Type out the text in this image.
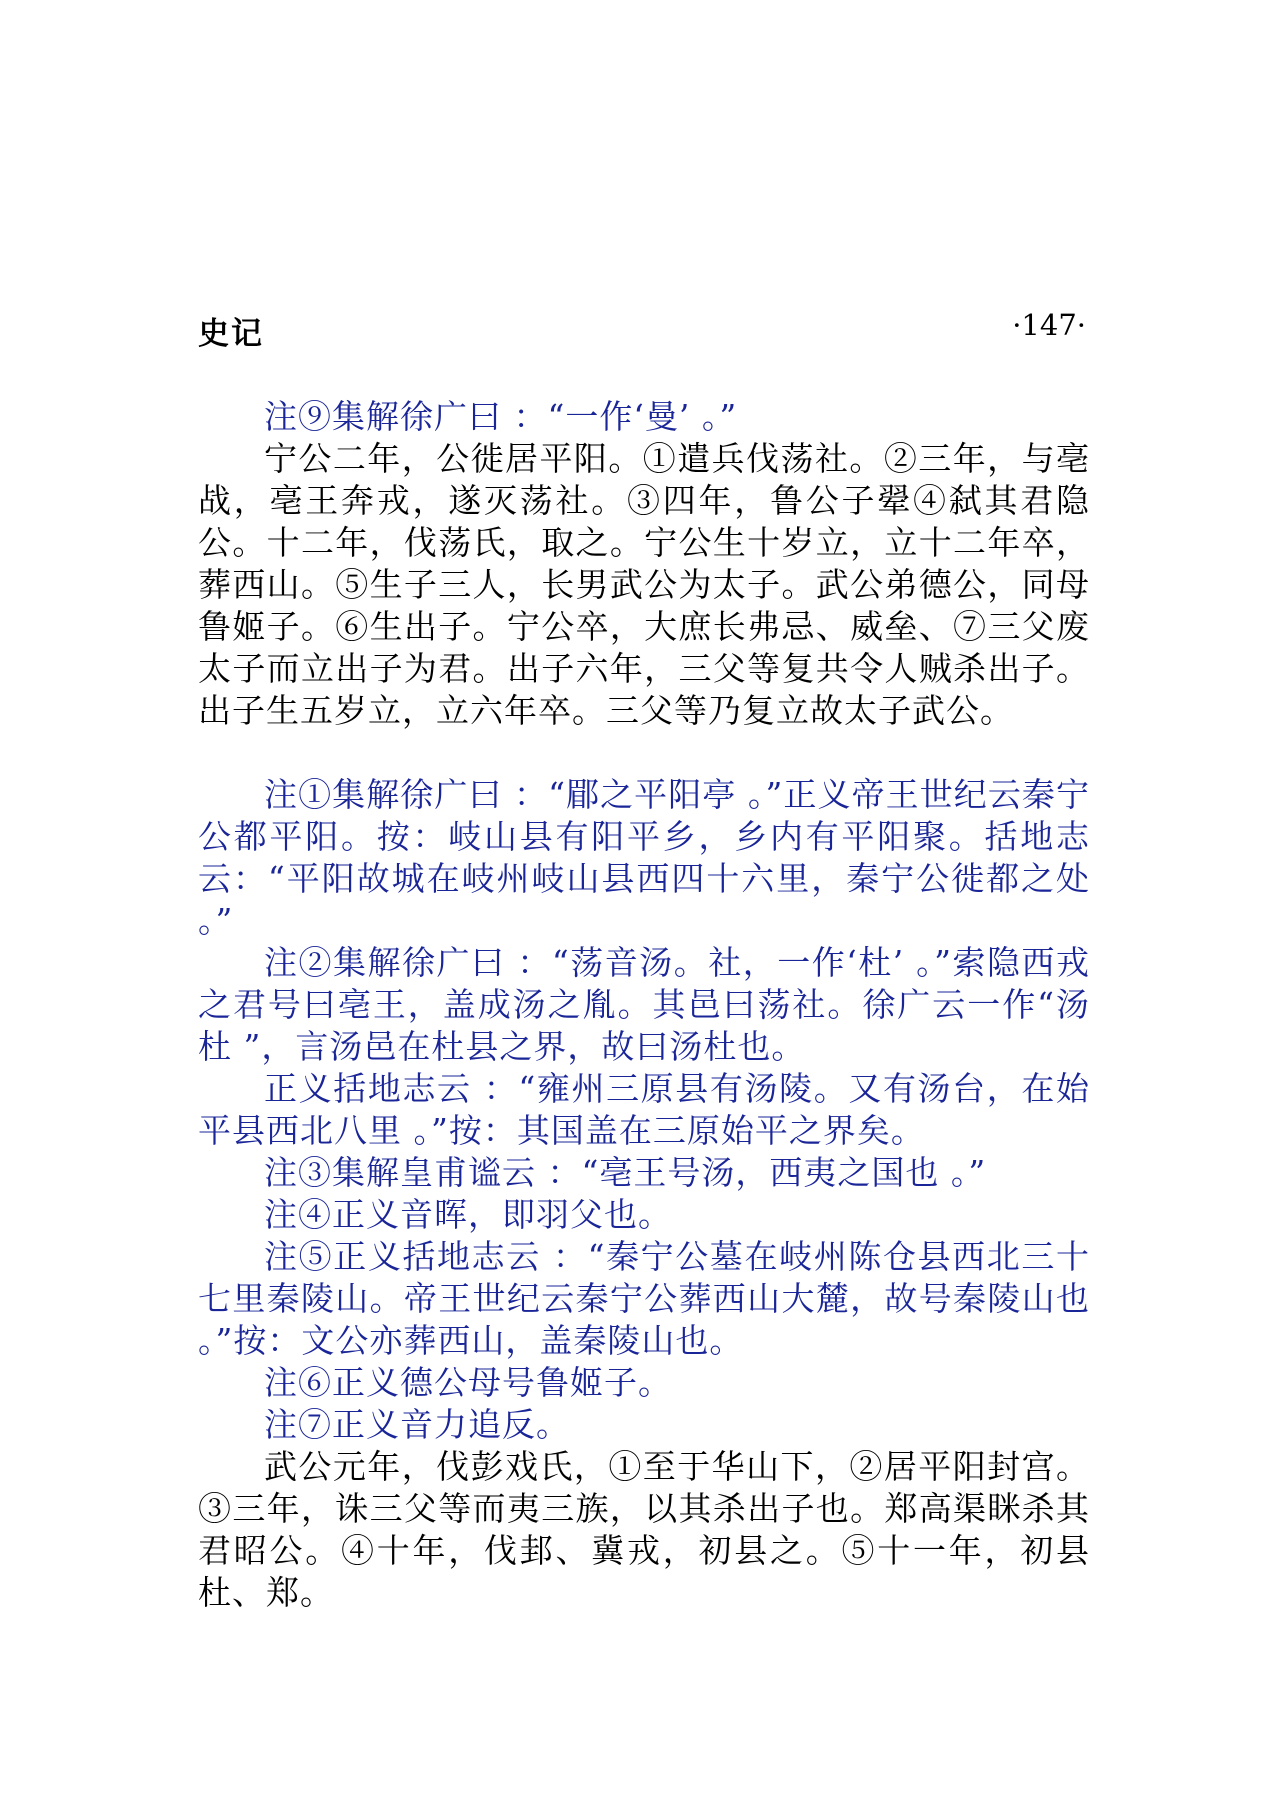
史记	·147·

注⑨集解徐广曰 ：“一作‘曼’ 。”

宁公二年，公徙居平阳。①遣兵伐荡社。②三年，与亳战，亳王奔戎，遂灭荡社。③四年，鲁公子翚④弑其君隐公。十二年，伐荡氏，取之。宁公生十岁立，立十二年卒，葬西山。⑤生子三人，长男武公为太子。武公弟德公，同母鲁姬子。⑥生出子。宁公卒，大庶长弗忌、威垒、⑦三父废太子而立出子为君。出子六年，三父等复共令人贼杀出子。出子生五岁立，立六年卒。三父等乃复立故太子武公。

注①集解徐广曰 ：“郿之平阳亭 。”正义帝王世纪云秦宁公都平阳。按：岐山县有阳平乡，乡内有平阳聚。括地志云：“平阳故城在岐州岐山县西四十六里，秦宁公徙都之处 。”

注②集解徐广曰 ：“荡音汤。社，一作‘杜’ 。”索隐西戎之君号曰亳王，盖成汤之胤。其邑曰荡社。徐广云一作“汤杜 ”，言汤邑在杜县之界，故曰汤杜也。

正义括地志云 ：“雍州三原县有汤陵。又有汤台，在始平县西北八里 。”按：其国盖在三原始平之界矣。

注③集解皇甫谧云 ：“亳王号汤，西夷之国也 。”

注④正义音晖，即羽父也。

注⑤正义括地志云 ：“秦宁公墓在岐州陈仓县西北三十七里秦陵山。帝王世纪云秦宁公葬西山大麓，故号秦陵山也 。”按：文公亦葬西山，盖秦陵山也。

注⑥正义德公母号鲁姬子。

注⑦正义音力追反。

武公元年，伐彭戏氏，①至于华山下，②居平阳封宫。③三年，诛三父等而夷三族，以其杀出子也。郑高渠眯杀其君昭公。④十年，伐邽、冀戎，初县之。⑤十一年，初县杜、郑。
